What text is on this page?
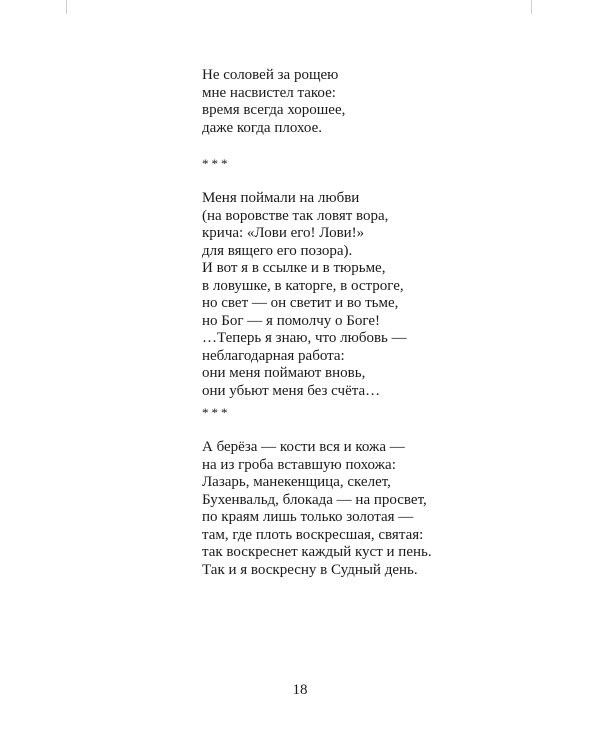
Не соловей за рощею
мне насвистел такое:
время всегда хорошее,
даже когда плохое.
***
Меня поймали на любви
(на воровстве так ловят вора,
крича: «Лови его! Лови!»
для вящего его позора).
И вот я в ссылке и в тюрьме,
в ловушке, в каторге, в остроге,
но свет — он светит и во тьме,
но Бог — я помолчу о Боге!
…Теперь я знаю, что любовь —
неблагодарная работа:
они меня поймают вновь,
они убьют меня без счёта…
***
А берёза — кости вся и кожа —
на из гроба вставшую похожа:
Лазарь, манекенщица, скелет,
Бухенвальд, блокада — на просвет,
по краям лишь только золотая —
там, где плоть воскресшая, святая:
так воскреснет каждый куст и пень.
Так и я воскресну в Судный день.
18
